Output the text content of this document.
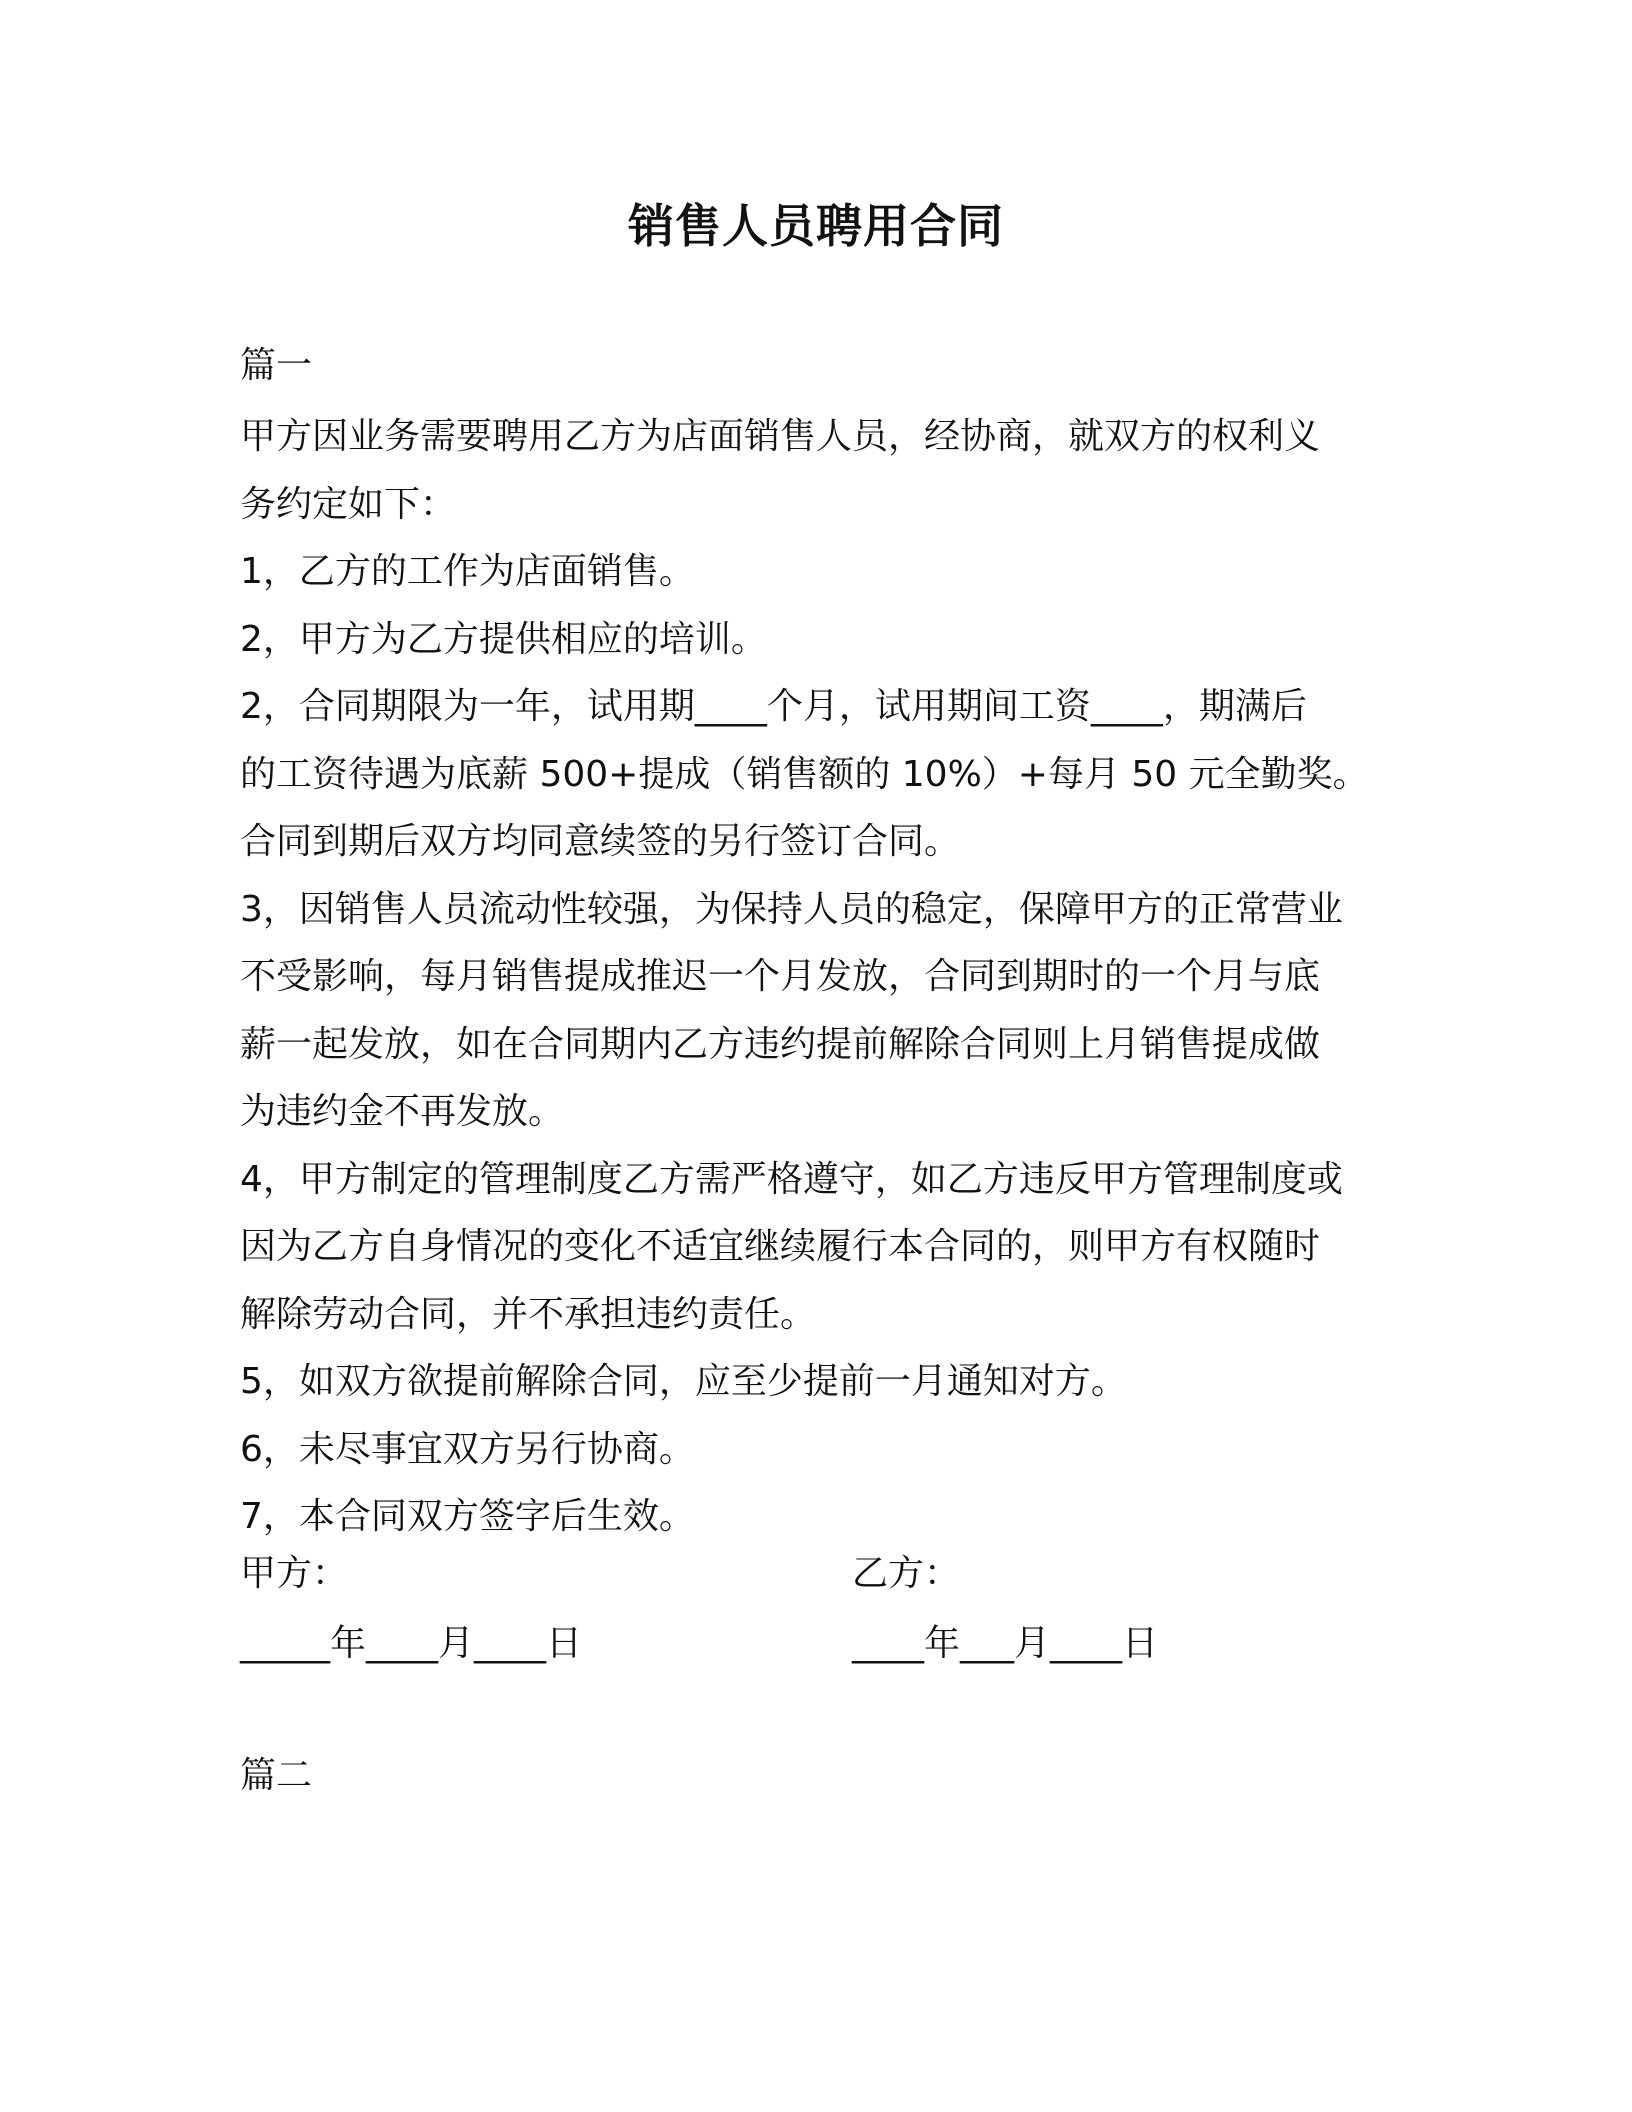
销售人员聘用合同
篇一

甲方因业务需要聘用乙方为店面销售人员，经协商，就双方的权利义

务约定如下：

1，乙方的工作为店面销售。

2，甲方为乙方提供相应的培训。

2，合同期限为一年，试用期____个月，试用期间工资____，期满后

的工资待遇为底薪 500+提成（销售额的 10%）+每月 50 元全勤奖。

合同到期后双方均同意续签的另行签订合同。

3，因销售人员流动性较强，为保持人员的稳定，保障甲方的正常营业

不受影响，每月销售提成推迟一个月发放，合同到期时的一个月与底

薪一起发放，如在合同期内乙方违约提前解除合同则上月销售提成做

为违约金不再发放。

4，甲方制定的管理制度乙方需严格遵守，如乙方违反甲方管理制度或

因为乙方自身情况的变化不适宜继续履行本合同的，则甲方有权随时

解除劳动合同，并不承担违约责任。

5，如双方欲提前解除合同，应至少提前一月通知对方。

6，未尽事宜双方另行协商。

7，本合同双方签字后生效。

甲方：	乙方：
_____年____月____日	____年___月____日
篇二
